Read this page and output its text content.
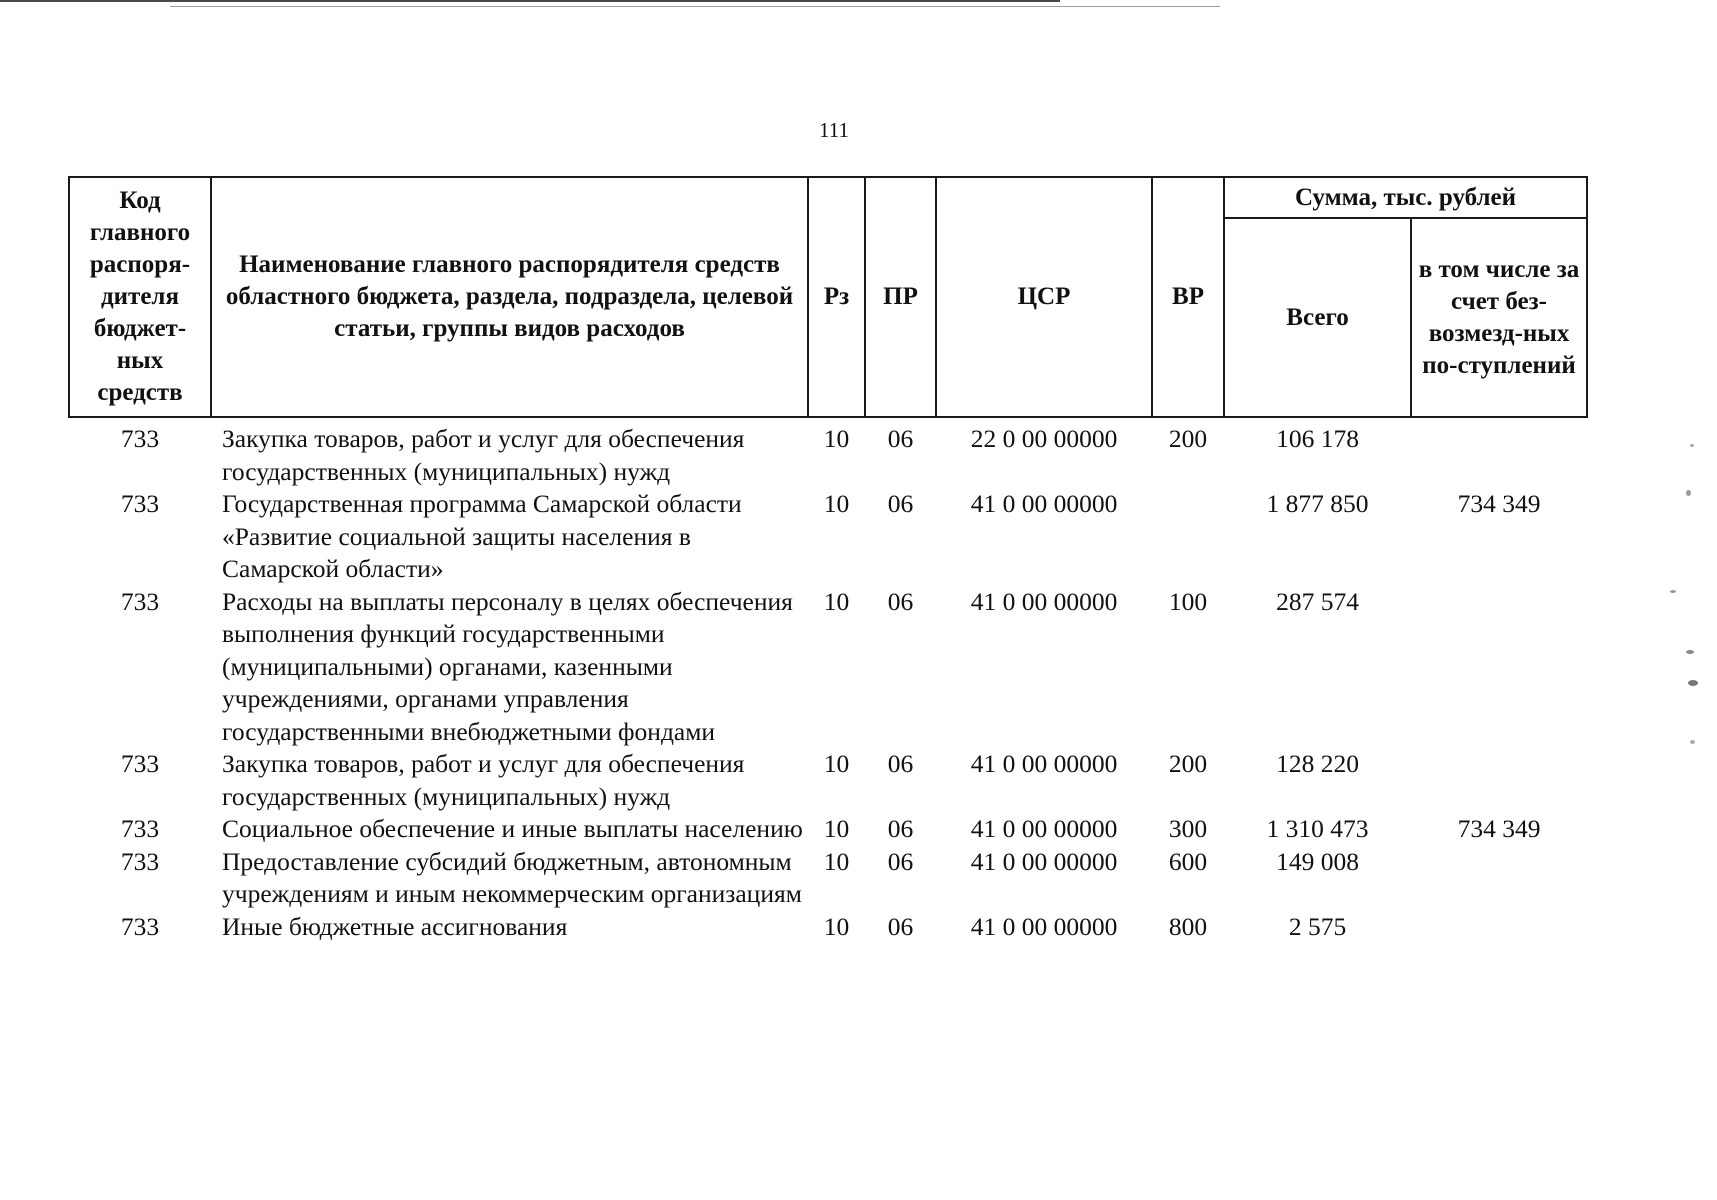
111
Код главного распоря-дителя бюджет-ных средств	Наименование главного распорядителя средств областного бюджета, раздела, подраздела, целевой статьи, группы видов расходов	Рз	ПР	ЦСР	ВР	Сумма, тыс. рублей	
						Всего	в том числе за счет без-возмезд-ных по-ступлений
733	Закупка товаров, работ и услуг для обеспечения государственных (муниципальных) нужд	10	06	22 0 00 00000	200	106 178	
733	Государственная программа Самарской области «Развитие социальной защиты населения в Самарской области»	10	06	41 0 00 00000		1 877 850	734 349
733	Расходы на выплаты персоналу в целях обеспечения выполнения функций государственными (муниципальными) органами, казенными учреждениями, органами управления государственными внебюджетными фондами	10	06	41 0 00 00000	100	287 574	
733	Закупка товаров, работ и услуг для обеспечения государственных (муниципальных) нужд	10	06	41 0 00 00000	200	128 220	
733	Социальное обеспечение и иные выплаты населению	10	06	41 0 00 00000	300	1 310 473	734 349
733	Предоставление субсидий бюджетным, автономным учреждениям и иным некоммерческим организациям	10	06	41 0 00 00000	600	149 008	
733	Иные бюджетные ассигнования	10	06	41 0 00 00000	800	2 575	
